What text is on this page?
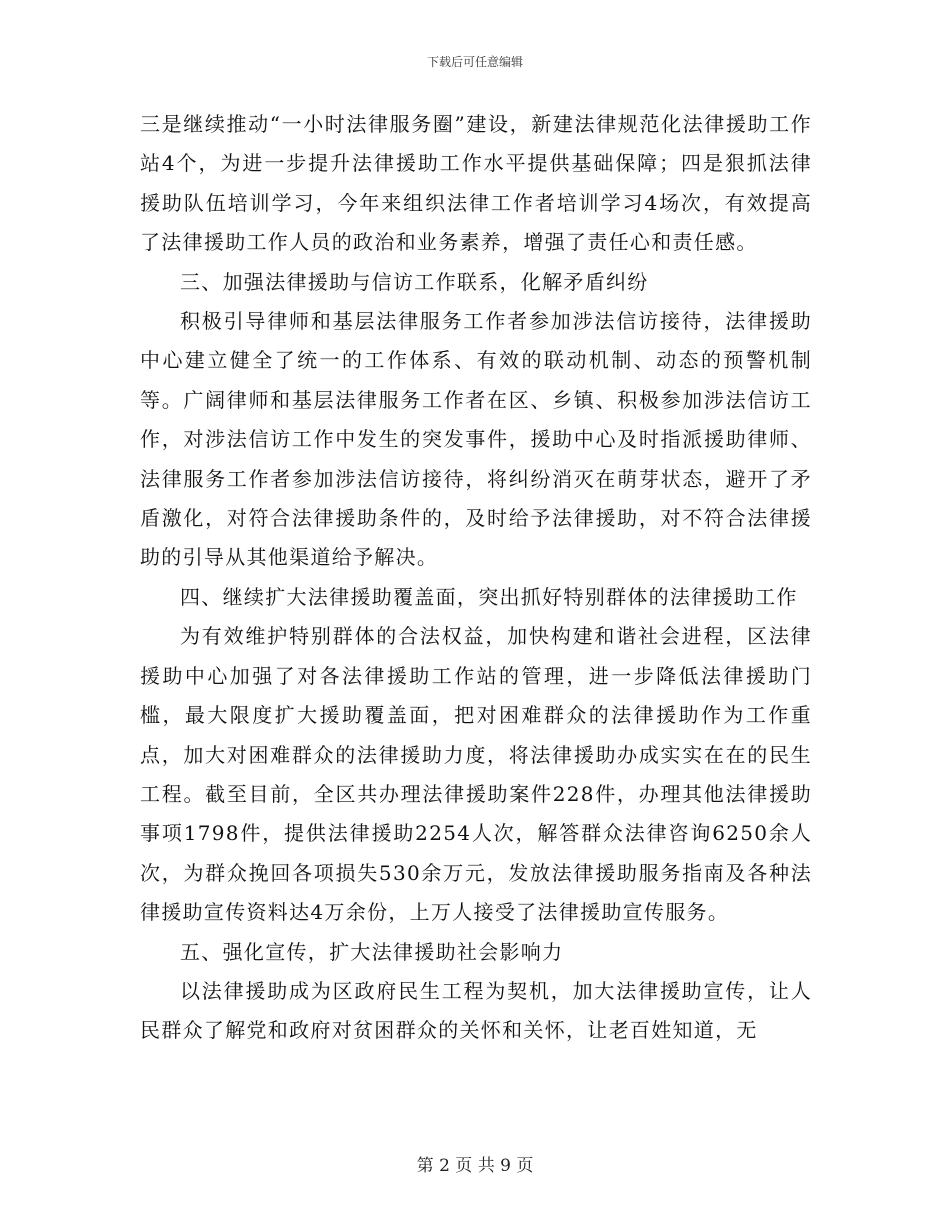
下载后可任意编辑

三是继续推动“一小时法律服务圈”建设，新建法律规范化法律援助工作站4个，为进一步提升法律援助工作水平提供基础保障；四是狠抓法律援助队伍培训学习，今年来组织法律工作者培训学习4场次，有效提高了法律援助工作人员的政治和业务素养，增强了责任心和责任感。

三、加强法律援助与信访工作联系，化解矛盾纠纷

积极引导律师和基层法律服务工作者参加涉法信访接待，法律援助中心建立健全了统一的工作体系、有效的联动机制、动态的预警机制等。广阔律师和基层法律服务工作者在区、乡镇、积极参加涉法信访工作，对涉法信访工作中发生的突发事件，援助中心及时指派援助律师、法律服务工作者参加涉法信访接待，将纠纷消灭在萌芽状态，避开了矛盾激化，对符合法律援助条件的，及时给予法律援助，对不符合法律援助的引导从其他渠道给予解决。

四、继续扩大法律援助覆盖面，突出抓好特别群体的法律援助工作

为有效维护特别群体的合法权益，加快构建和谐社会进程，区法律援助中心加强了对各法律援助工作站的管理，进一步降低法律援助门槛，最大限度扩大援助覆盖面，把对困难群众的法律援助作为工作重点，加大对困难群众的法律援助力度，将法律援助办成实实在在的民生工程。截至目前，全区共办理法律援助案件228件，办理其他法律援助事项1798件，提供法律援助2254人次，解答群众法律咨询6250余人次，为群众挽回各项损失530余万元，发放法律援助服务指南及各种法律援助宣传资料达4万余份，上万人接受了法律援助宣传服务。

五、强化宣传，扩大法律援助社会影响力

以法律援助成为区政府民生工程为契机，加大法律援助宣传，让人民群众了解党和政府对贫困群众的关怀和关怀，让老百姓知道，无

第 2 页 共 9 页
